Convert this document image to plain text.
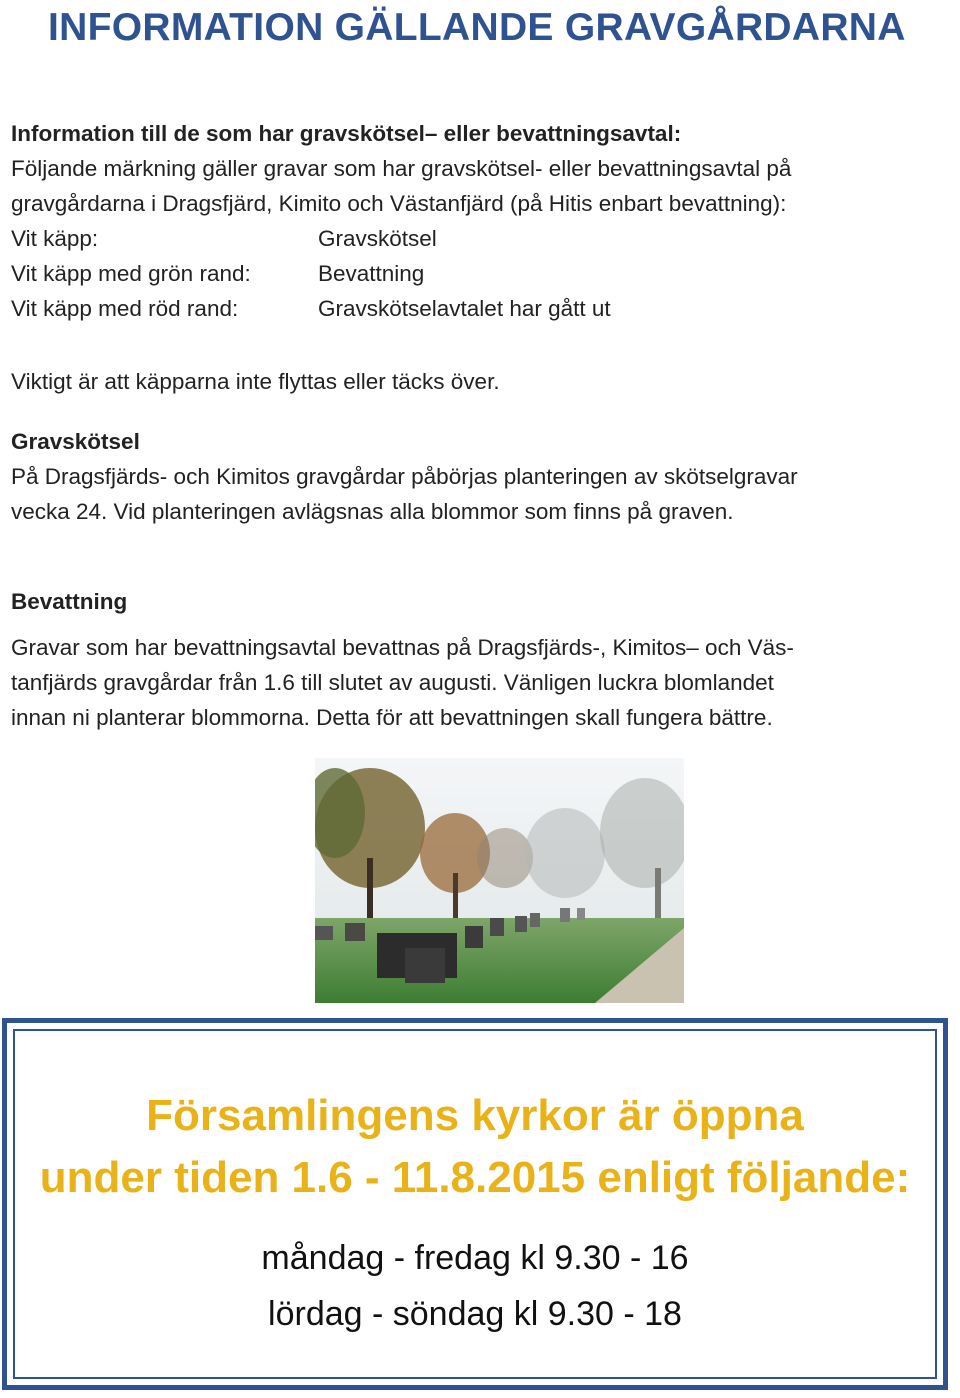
INFORMATION GÄLLANDE GRAVGÅRDARNA
Information till de som har gravskötsel– eller bevattningsavtal:
Följande märkning gäller gravar som har gravskötsel- eller bevattningsavtal på
gravgårdarna i Dragsfjärd, Kimito och Västanfjärd (på Hitis enbart bevattning):
Vit käpp:	Gravskötsel
Vit käpp med grön rand:	Bevattning
Vit käpp med röd rand:	Gravskötselavtalet har gått ut
Viktigt är att käpparna inte flyttas eller täcks över.
Gravskötsel
På Dragsfjärds- och Kimitos gravgårdar påbörjas planteringen av skötselgravar
vecka 24. Vid planteringen avlägsnas alla blommor som finns på graven.
Bevattning
Gravar som har bevattningsavtal bevattnas på Dragsfjärds-, Kimitos– och Väs-
tanfjärds gravgårdar från 1.6 till slutet av augusti. Vänligen luckra blomlandet
innan ni planterar blommorna. Detta för att bevattningen skall fungera bättre.
Församlingens kyrkor är öppna
under tiden 1.6 - 11.8.2015 enligt följande:
måndag - fredag kl 9.30 - 16
lördag - söndag kl 9.30 - 18
